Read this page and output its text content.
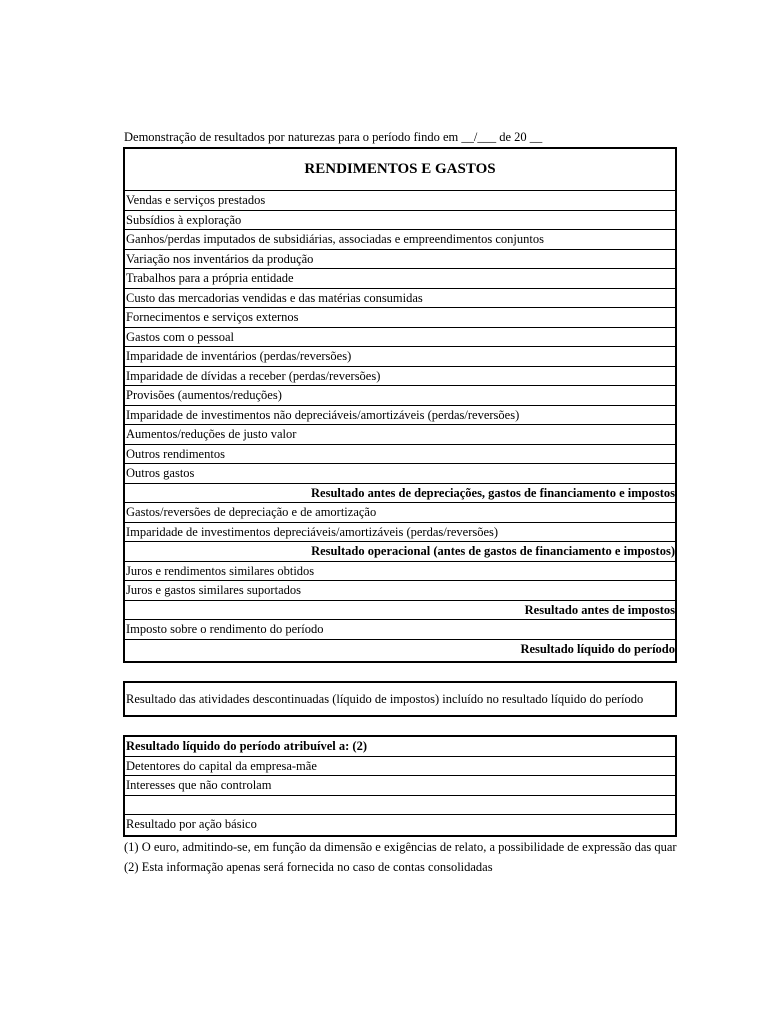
Demonstração de resultados por naturezas para o período findo em __/___ de 20 __
RENDIMENTOS E GASTOS
Vendas e serviços prestados
Subsídios à exploração
Ganhos/perdas imputados de subsidiárias, associadas e empreendimentos conjuntos
Variação nos inventários da produção
Trabalhos para a própria entidade
Custo das mercadorias vendidas e das matérias consumidas
Fornecimentos e serviços externos
Gastos com o pessoal
Imparidade de inventários (perdas/reversões)
Imparidade de dívidas a receber (perdas/reversões)
Provisões (aumentos/reduções)
Imparidade de investimentos não depreciáveis/amortizáveis (perdas/reversões)
Aumentos/reduções de justo valor
Outros rendimentos
Outros gastos
Resultado antes de depreciações, gastos de financiamento e impostos
Gastos/reversões de depreciação e de amortização
Imparidade de investimentos depreciáveis/amortizáveis (perdas/reversões)
Resultado operacional (antes de gastos de financiamento e impostos)
Juros e rendimentos similares obtidos
Juros e gastos similares suportados
Resultado antes de impostos
Imposto sobre o rendimento do período
Resultado líquido do período
Resultado das atividades descontinuadas (líquido de impostos) incluído no resultado líquido do período
Resultado líquido do período atribuível a: (2)
Detentores do capital da empresa-mãe
Interesses que não controlam
Resultado por ação básico
(1) O euro, admitindo-se, em função da dimensão e exigências de relato, a possibilidade de expressão das quar
(2) Esta informação apenas será fornecida no caso de contas consolidadas
